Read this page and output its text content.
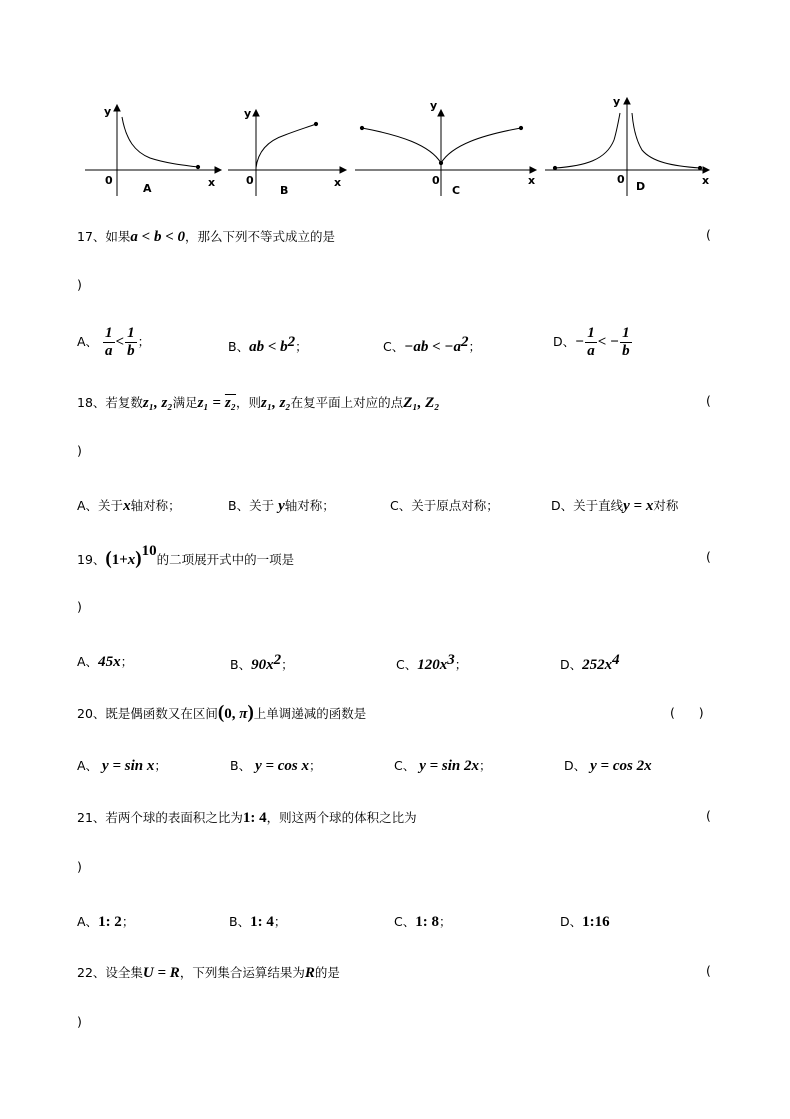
y
0	x
A
y
0	x
B
y
0	x
C
y
0	x
D
17、如果a < b < 0，那么下列不等式成立的是	(
)
A、 $\frac{1}{a} < \frac{1}{b}$ ；	B、ab < $b^2$；	C、$-ab < -a^2$；	D、− $\frac{1}{a}$ < − $\frac{1}{b}$
18、若复数z₁, z₂满足z₁ = z₂，则z₁, z₂在复平面上对应的点Z₁, Z₂	(
)
A、关于x轴对称；	B、关于 y轴对称；	C、关于原点对称；	D、关于直线y = x对称
19、$(1+x)^{10}$的二项展开式中的一项是	(
)
A、45x；	B、$90x^2$；	C、$120x^3$；	D、$252x^4$
20、既是偶函数又在区间(0, π)上单调递减的函数是	(      )
A、 y = sin x；	B、 y = cos x；	C、 y = sin 2x；	D、 y = cos 2x
21、若两个球的表面积之比为1: 4，则这两个球的体积之比为	(
)
A、1: 2；	B、1: 4；	C、1: 8；	D、1:16
22、设全集U = R，下列集合运算结果为R的是	(
)
